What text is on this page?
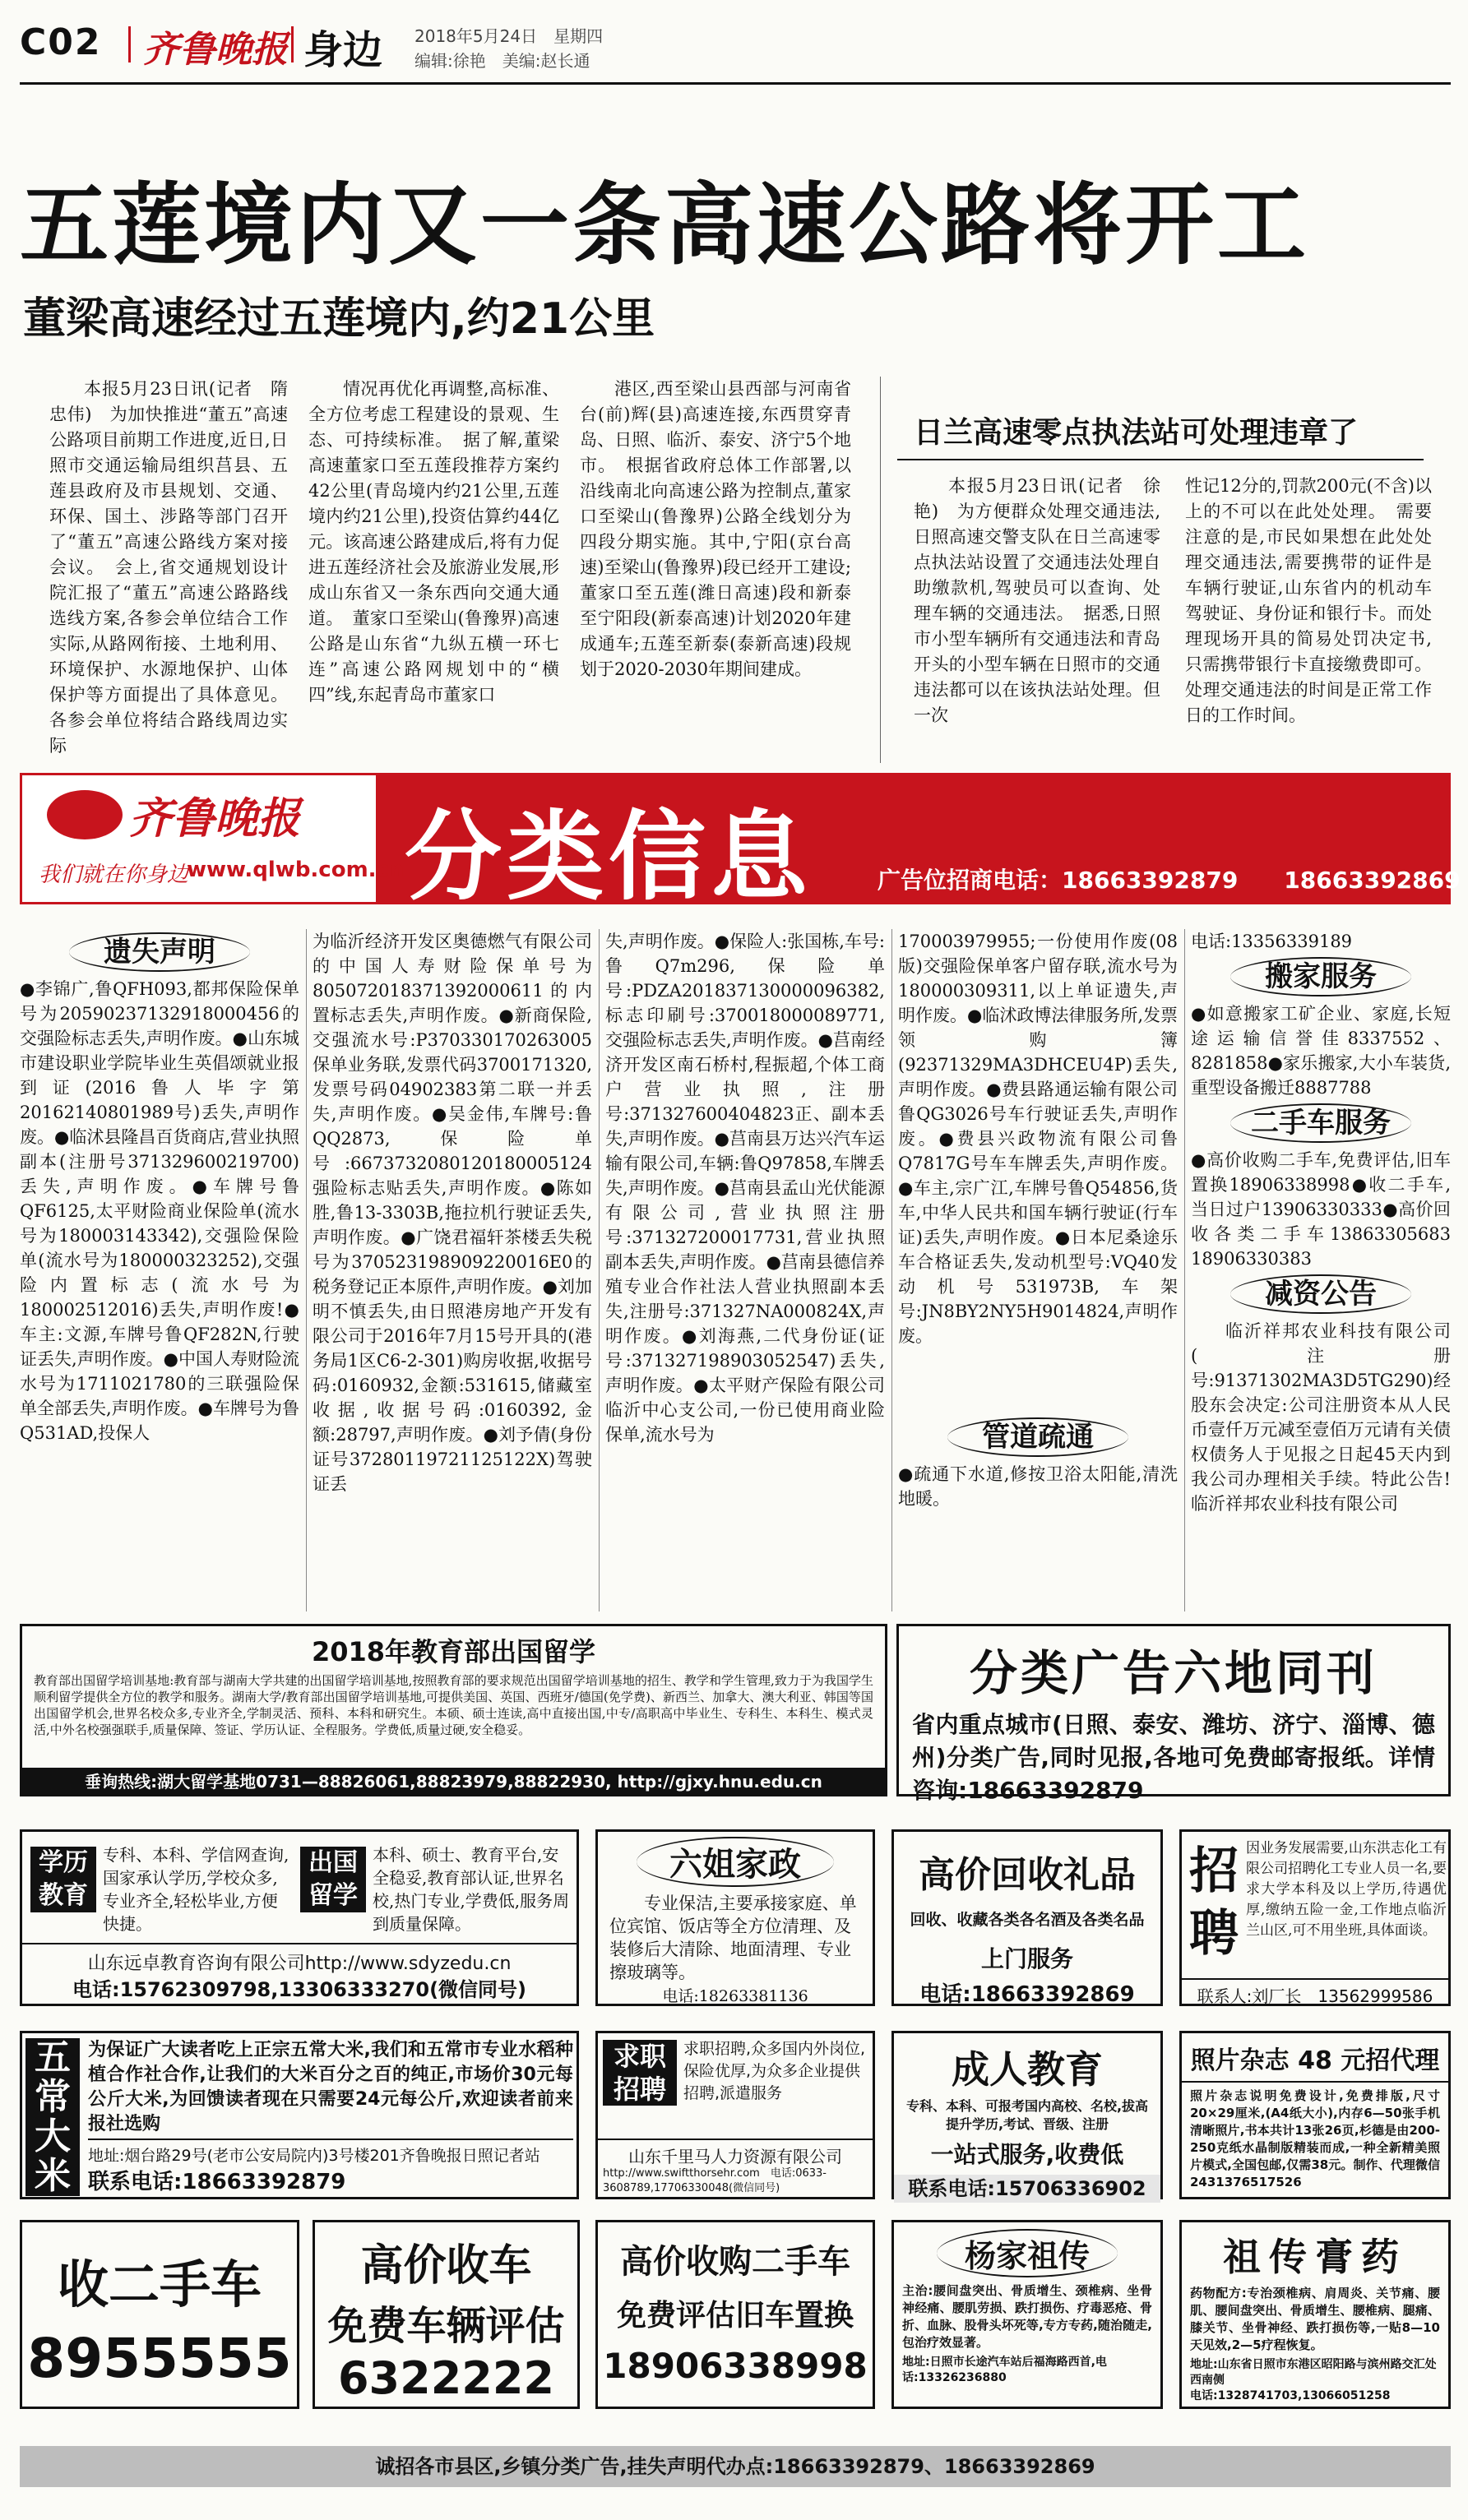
C02 齐鲁晚报 身边 2018年5月24日　星期四
编辑:徐艳　美编:赵长通
五莲境内又一条高速公路将开工
董梁高速经过五莲境内,约21公里
本报5月23日讯(记者　隋忠伟)　为加快推进“董五”高速公路项目前期工作进度,近日,日照市交通运输局组织莒县、五莲县政府及市县规划、交通、环保、国土、涉路等部门召开了“董五”高速公路线方案对接会议。　会上,省交通规划设计院汇报了“董五”高速公路路线选线方案,各参会单位结合工作实际,从路网衔接、土地利用、环境保护、水源地保护、山体保护等方面提出了具体意见。各参会单位将结合路线周边实际
情况再优化再调整,高标准、全方位考虑工程建设的景观、生态、可持续标准。　据了解,董梁高速董家口至五莲段推荐方案约42公里(青岛境内约21公里,五莲境内约21公里),投资估算约44亿元。该高速公路建成后,将有力促进五莲经济社会及旅游业发展,形成山东省又一条东西向交通大通道。　董家口至梁山(鲁豫界)高速公路是山东省“九纵五横一环七连”高速公路网规划中的“横四”线,东起青岛市董家口
港区,西至梁山县西部与河南省台(前)辉(县)高速连接,东西贯穿青岛、日照、临沂、泰安、济宁5个地市。　根据省政府总体工作部署,以沿线南北向高速公路为控制点,董家口至梁山(鲁豫界)公路全线划分为四段分期实施。其中,宁阳(京台高速)至梁山(鲁豫界)段已经开工建设;董家口至五莲(潍日高速)段和新泰至宁阳段(新泰高速)计划2020年建成通车;五莲至新泰(泰新高速)段规划于2020-2030年期间建成。
日兰高速零点执法站可处理违章了
本报5月23日讯(记者　徐艳)　为方便群众处理交通违法,日照高速交警支队在日兰高速零点执法站设置了交通违法处理自助缴款机,驾驶员可以查询、处理车辆的交通违法。　据悉,日照市小型车辆所有交通违法和青岛开头的小型车辆在日照市的交通违法都可以在该执法站处理。但一次
性记12分的,罚款200元(不含)以上的不可以在此处处理。　需要注意的是,市民如果想在此处处理交通违法,需要携带的证件是车辆行驶证,山东省内的机动车驾驶证、身份证和银行卡。而处理现场开具的简易处罚决定书,只需携带银行卡直接缴费即可。处理交通违法的时间是正常工作日的工作时间。
齐鲁晚报
我们就在你身边
www.qlwb.com.cn 分类信息	广告位招商电话：18663392879　　18663392869
遗失声明
●李锦广,鲁QFH093,都邦保险保单号为205902371329180004​56的交强险标志丢失,声明作废。●山东城市建设职业学院毕业生英倡颂就业报到证(2016鲁人毕字第20162140801989号)丢失,声明作废。●临沭县隆昌百货商店,营业执照副本(注册号371329600219700)丢失,声明作废。●车牌号鲁QF6125,太平财险商业保险单(流水号为180003143342),交强险保险单(流水号为180000323252),交强险内置标志(流水号为18000251201​6)丢失,声明作废!●车主:文源,车牌号鲁QF282N,行驶证丢失,声明作废。●中国人寿财险流水号为1711021780的三联强险保单全部丢失,声明作废。●车牌号为鲁Q531AD,投保人
为临沂经济开发区奥德燃气有限公司的中国人寿财险保单号为805072018371392000611的内置标志丢失,声明作废。●新商保险,交强流水号:P37033017026300​5保单业务联,发票代码3700171320,发票号码04902383第二联一并丢失,声明作废。●吴金伟,车牌号:鲁QQ2873,保险单号:667373208012018000512​4强险标志贴丢失,声明作废。●陈如胜,鲁13-3303B,拖拉机行驶证丢失,声明作废。●广饶君福轩茶楼丢失税号为370523198909220016E0的税务登记正本原件,声明作废。●刘加明不慎丢失,由日照港房地产开发有限公司于2016年7月15号开具的(港务局1区C6-2-301)购房收据,收据号码:0160932,金额:531615,储藏室收据,收据号码:0160392,金额:28797,声明作废。●刘予倩(身份证号372801197211251​22X)驾驶证丢
失,声明作废。●保险人:张国栋,车号:鲁Q7m296,保险单号:PDZA201837130000096382,标志印刷号:370018000089771,交强险标志丢失,声明作废。●莒南经济开发区南石桥村,程振超,个体工商户营业执照,注册号:371327600404823正、副本丢失,声明作废。●莒南县万达兴汽车运输有限公司,车辆:鲁Q97858,车牌丢失,声明作废。●莒南县孟山光伏能源有限公司,营业执照注册号:371327200017731,营业执照副本丢失,声明作废。●莒南县德信养殖专业合作社法人营业执照副本丢失,注册号:371327NA000824X,声明作废。●刘海燕,二代身份证(证号:371327198903052547)丢失,声明作废。●太平财产保险有限公司临沂中心支公司,一份已使用商业险保单,流水号为
170003979955;一份使用作废(08版)交强险保单客户留存联,流水号为180000309311,以上单证遗失,声明作废。●临沭政博法律服务所,发票领购簿(92371329MA3DHCEU4P)丢失,声明作废。●费县路通运输有限公司鲁QG3026号车行驶证丢失,声明作废。●费县兴政物流有限公司鲁Q7817G号车车牌丢失,声明作废。●车主,宗广江,车牌号鲁Q54856,货车,中华人民共和国车辆行驶证(行车证)丢失,声明作废。●日本尼桑途乐车合格证丢失,发动机型号:VQ40发动机号531973B,车架号:JN8BY2NY5H9014824,声明作废。
管道疏通
●疏通下水道,修按卫浴太阳能,清洗地暖。
电话:13356339189
搬家服务
●如意搬家工矿企业、家庭,长短途运输信誉佳8337552、8281858●家乐搬家,大小车装货,重型设备搬迁8887788
二手车服务
●高价收购二手车,免费评估,旧车置换18906338998●收二手车,当日过户13906330333●高价回收各类二手车13863305683　18906330383
减资公告
临沂祥邦农业科技有限公司(注册号:91371302MA3D5TG290)经股东会决定:公司注册资本从人民币壹仟万元减至壹佰万元请有关债权债务人于见报之日起45天内到我公司办理相关手续。特此公告!临沂祥邦农业科技有限公司
2018年教育部出国留学
教育部出国留学培训基地:教育部与湖南大学共建的出国留学培训基地,按照教育部的要求规范出国留学培训基地的招生、教学和学生管理,致力于为我国学生顺利留学提供全方位的教学和服务。湖南大学/教育部出国留学培训基地,可提供美国、英国、西班牙/德国(免学费)、新西兰、加拿大、澳大利亚、韩国等国出国留学机会,世界名校众多,专业齐全,学制灵活、预科、本科和研究生。本硕、硕士连读,高中直接出国,中专/高职高中毕业生、专科生、本科生、模式灵活,中外名校强强联手,质量保障、签证、学历认证、全程服务。学费低,质量过硬,安全稳妥。
垂询热线:湖大留学基地0731—88826061,88823979,88822930, http://gjxy.hnu.edu.cn
分类广告六地同刊
省内重点城市(日照、泰安、潍坊、济宁、淄博、德州)分类广告,同时见报,各地可免费邮寄报纸。详情咨询:18663392879
学历教育
专科、本科、学信网查询,国家承认学历,学校众多,专业齐全,轻松毕业,方便快捷。
出国留学
本科、硕士、教育平台,安全稳妥,教育部认证,世界名校,热门专业,学费低,服务周到质量保障。
山东远卓教育咨询有限公司http://www.sdyzedu.cn
电话:15762309798,13306333270(微信同号)
六姐家政
专业保洁,主要承接家庭、单位宾馆、饭店等全方位清理、及装修后大清除、地面清理、专业擦玻璃等。
电话:18263381136
高价回收礼品
回收、收藏各类各名酒及各类名品
上门服务
电话:18663392869
招聘
因业务发展需要,山东洪志化工有限公司招聘化工专业人员一名,要求大学本科及以上学历,待遇优厚,缴纳五险一金,工作地点临沂兰山区,可不用坐班,具体面谈。
联系人:刘厂长　13562999586
五常大米
为保证广大读者吃上正宗五常大米,我们和五常市专业水稻种植合作社合作,让我们的大米百分之百的纯正,市场价30元每公斤大米,为回馈读者现在只需要24元每公斤,欢迎读者前来报社选购
地址:烟台路29号(老市公安局院内)3号楼201齐鲁晚报日照记者站
联系电话:18663392879
求职招聘
求职招聘,众多国内外岗位,保险优厚,为众多企业提供招聘,派遣服务
山东千里马人力资源有限公司
http://www.swiftthorsehr.com　电话:0633-3608789,17706330048(微信同号)
成人教育
专科、本科、可报考国内高校、名校,拔高提升学历,考试、晋级、注册
一站式服务,收费低
联系电话:15706336902
照片杂志 48 元招代理
照片杂志说明免费设计,免费排版,尺寸20×29厘米,(A4纸大小),内存6—50张手机清晰照片,书本共计13张26页,杉德是由200-250克纸水晶制版精装而成,一种全新精美照片模式,全国包邮,仅需38元。制作、代理微信2431376517526
收二手车
8955555
高价收车
免费车辆评估
6322222
高价收购二手车
免费评估旧车置换
18906338998
杨家祖传
主治:腰间盘突出、骨质增生、颈椎病、坐骨神经痛、腰肌劳损、跌打损伤、疗毒恶疮、骨折、血脉、股骨头坏死等,专方专药,随治随走,包治疗效显著。
地址:日照市长途汽车站后福海路西首,电话:13326236880
祖传膏药
药物配方:专治颈椎病、肩周炎、关节痛、腰肌、腰间盘突出、骨质增生、腰椎病、腿痛、膝关节、坐骨神经、跌打损伤等,一贴8—10天见效,2—5疗程恢复。
地址:山东省日照市东港区昭阳路与滨州路交汇处西南侧
电话:13287417​03,13066051258
诚招各市县区,乡镇分类广告,挂失声明代办点:18663392879、18663392869
